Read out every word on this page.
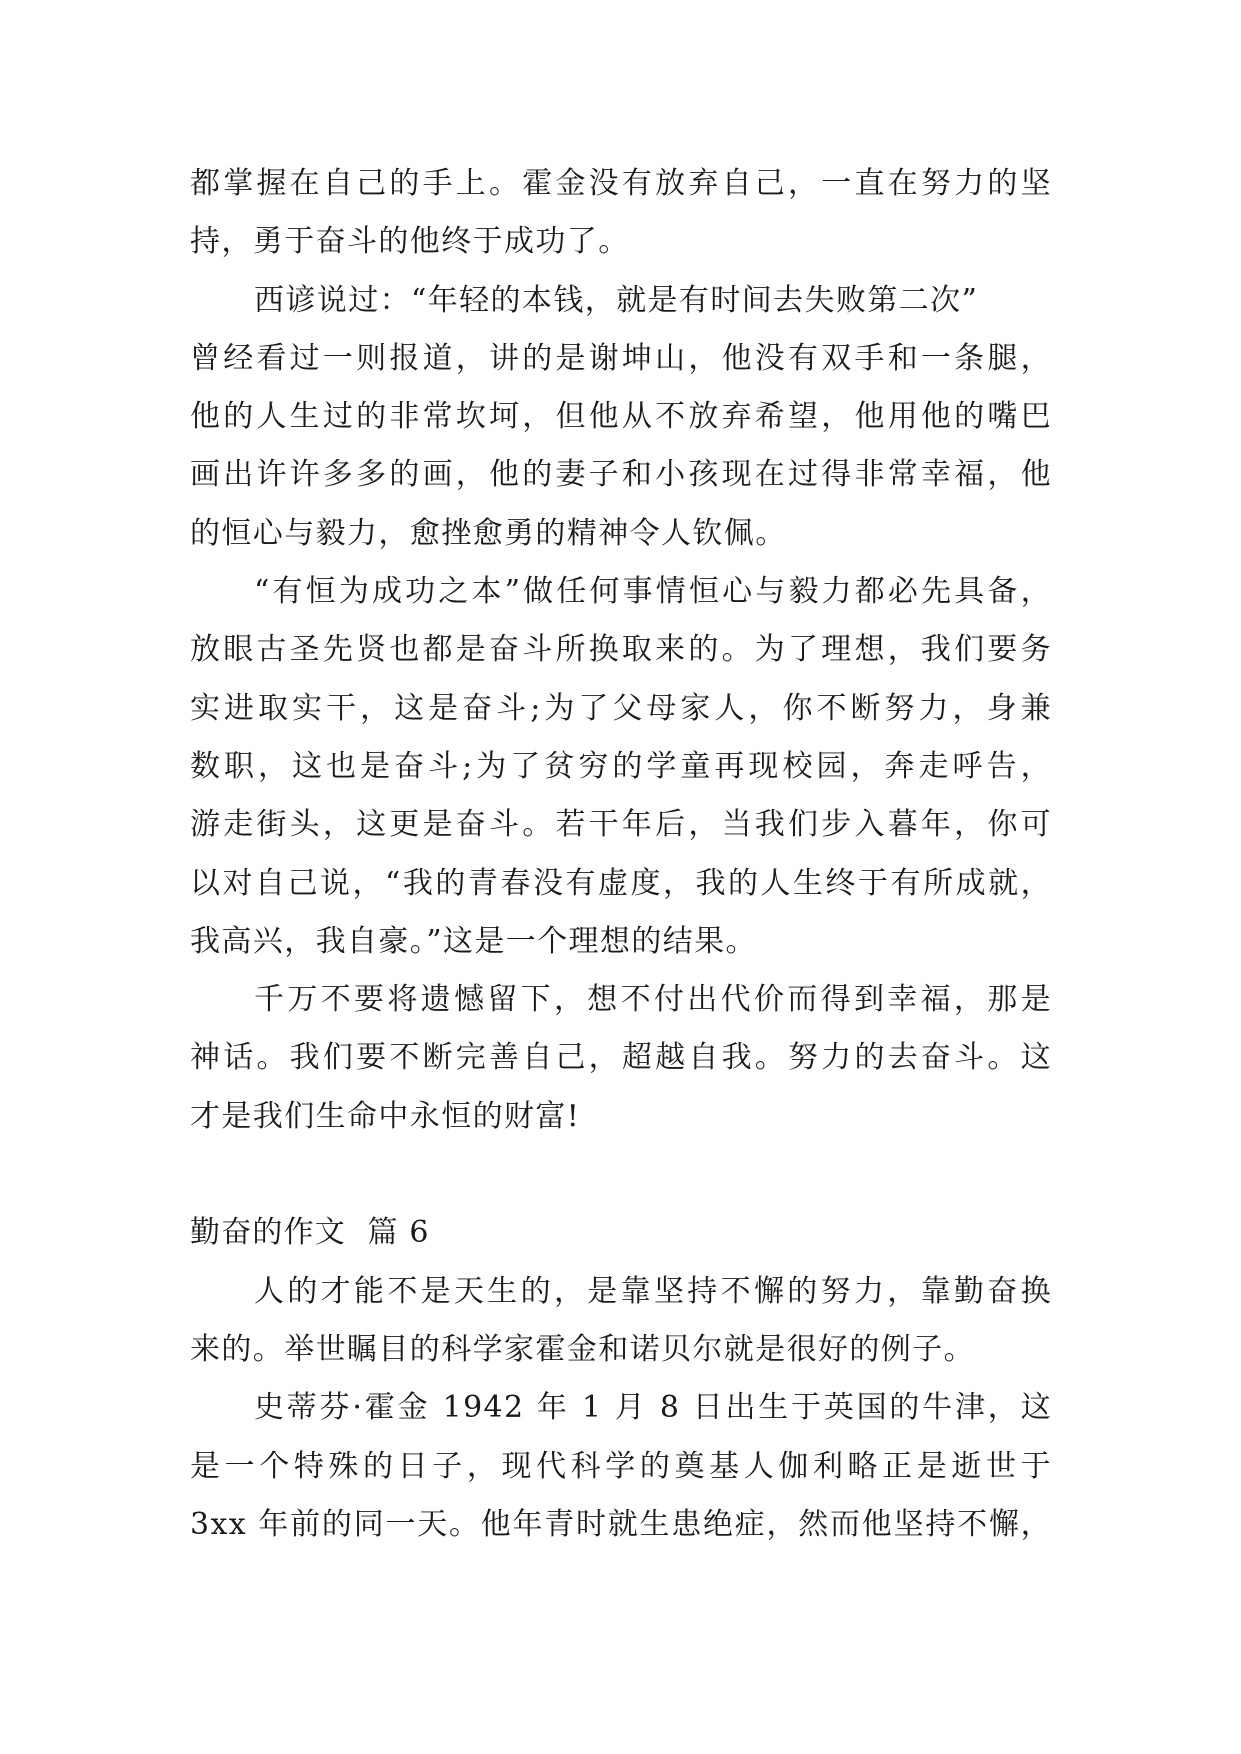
都掌握在自己的手上。霍金没有放弃自己，一直在努力的坚
持，勇于奋斗的他终于成功了。
西谚说过：“年轻的本钱，就是有时间去失败第二次”
曾经看过一则报道，讲的是谢坤山，他没有双手和一条腿，
他的人生过的非常坎坷，但他从不放弃希望，他用他的嘴巴
画出许许多多的画，他的妻子和小孩现在过得非常幸福，他
的恒心与毅力，愈挫愈勇的精神令人钦佩。
“有恒为成功之本”做任何事情恒心与毅力都必先具备，
放眼古圣先贤也都是奋斗所换取来的。为了理想，我们要务
实进取实干，这是奋斗;为了父母家人，你不断努力，身兼
数职，这也是奋斗;为了贫穷的学童再现校园，奔走呼告，
游走街头，这更是奋斗。若干年后，当我们步入暮年，你可
以对自己说，“我的青春没有虚度，我的人生终于有所成就，
我高兴，我自豪。”这是一个理想的结果。
千万不要将遗憾留下，想不付出代价而得到幸福，那是
神话。我们要不断完善自己，超越自我。努力的去奋斗。这
才是我们生命中永恒的财富!
勤奋的作文  篇 6
人的才能不是天生的，是靠坚持不懈的努力，靠勤奋换
来的。举世瞩目的科学家霍金和诺贝尔就是很好的例子。
史蒂芬·霍金 1942 年 1 月 8 日出生于英国的牛津，这
是一个特殊的日子，现代科学的奠基人伽利略正是逝世于
3xx 年前的同一天。他年青时就生患绝症，然而他坚持不懈，
